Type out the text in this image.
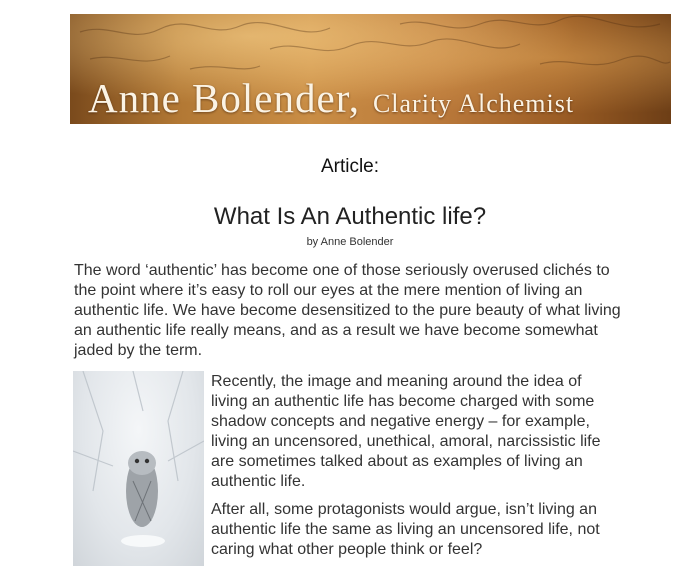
Anne Bolender, Clarity Alchemist
Article:
What Is An Authentic life?
by Anne Bolender

The word ‘authentic’ has become one of those seriously overused clichés to the point where it’s easy to roll our eyes at the mere mention of living an authentic life. We have become desensitized to the pure beauty of what living an authentic life really means, and as a result we have become somewhat jaded by the term.

Recently, the image and meaning around the idea of living an authentic life has become charged with some shadow concepts and negative energy – for example, living an uncensored, unethical, amoral, narcissistic life are sometimes talked about as examples of living an authentic life.

After all, some protagonists would argue, isn’t living an authentic life the same as living an uncensored life, not caring what other people think or feel?
